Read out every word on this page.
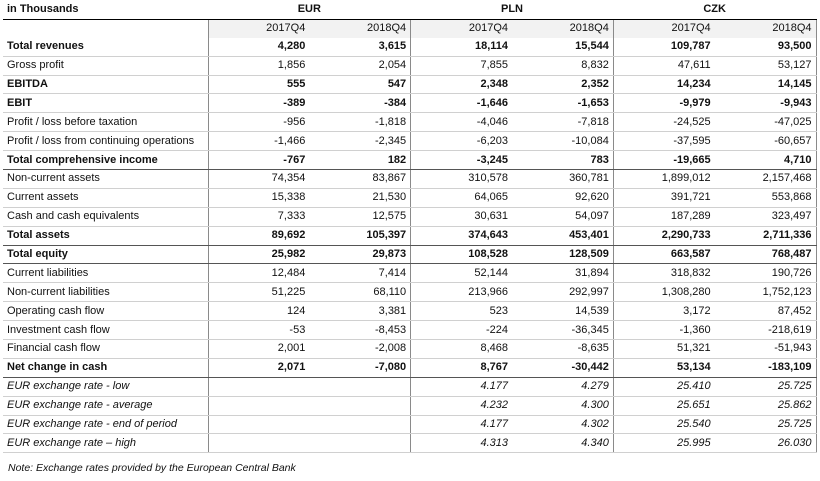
in Thousands	EUR		PLN		CZK	
	2017Q4	2018Q4	2017Q4	2018Q4	2017Q4	2018Q4
Total revenues	4,280	3,615	18,114	15,544	109,787	93,500
Gross profit	1,856	2,054	7,855	8,832	47,611	53,127
EBITDA	555	547	2,348	2,352	14,234	14,145
EBIT	-389	-384	-1,646	-1,653	-9,979	-9,943
Profit / loss before taxation	-956	-1,818	-4,046	-7,818	-24,525	-47,025
Profit / loss from continuing operations	-1,466	-2,345	-6,203	-10,084	-37,595	-60,657
Total comprehensive income	-767	182	-3,245	783	-19,665	4,710
Non-current assets	74,354	83,867	310,578	360,781	1,899,012	2,157,468
Current assets	15,338	21,530	64,065	92,620	391,721	553,868
Cash and cash equivalents	7,333	12,575	30,631	54,097	187,289	323,497
Total assets	89,692	105,397	374,643	453,401	2,290,733	2,711,336
Total equity	25,982	29,873	108,528	128,509	663,587	768,487
Current liabilities	12,484	7,414	52,144	31,894	318,832	190,726
Non-current liabilities	51,225	68,110	213,966	292,997	1,308,280	1,752,123
Operating cash flow	124	3,381	523	14,539	3,172	87,452
Investment cash flow	-53	-8,453	-224	-36,345	-1,360	-218,619
Financial cash flow	2,001	-2,008	8,468	-8,635	51,321	-51,943
Net change in cash	2,071	-7,080	8,767	-30,442	53,134	-183,109
EUR exchange rate - low			4.177	4.279	25.410	25.725
EUR exchange rate - average			4.232	4.300	25.651	25.862
EUR exchange rate - end of period			4.177	4.302	25.540	25.725
EUR exchange rate – high			4.313	4.340	25.995	26.030
Note: Exchange rates provided by the European Central Bank
